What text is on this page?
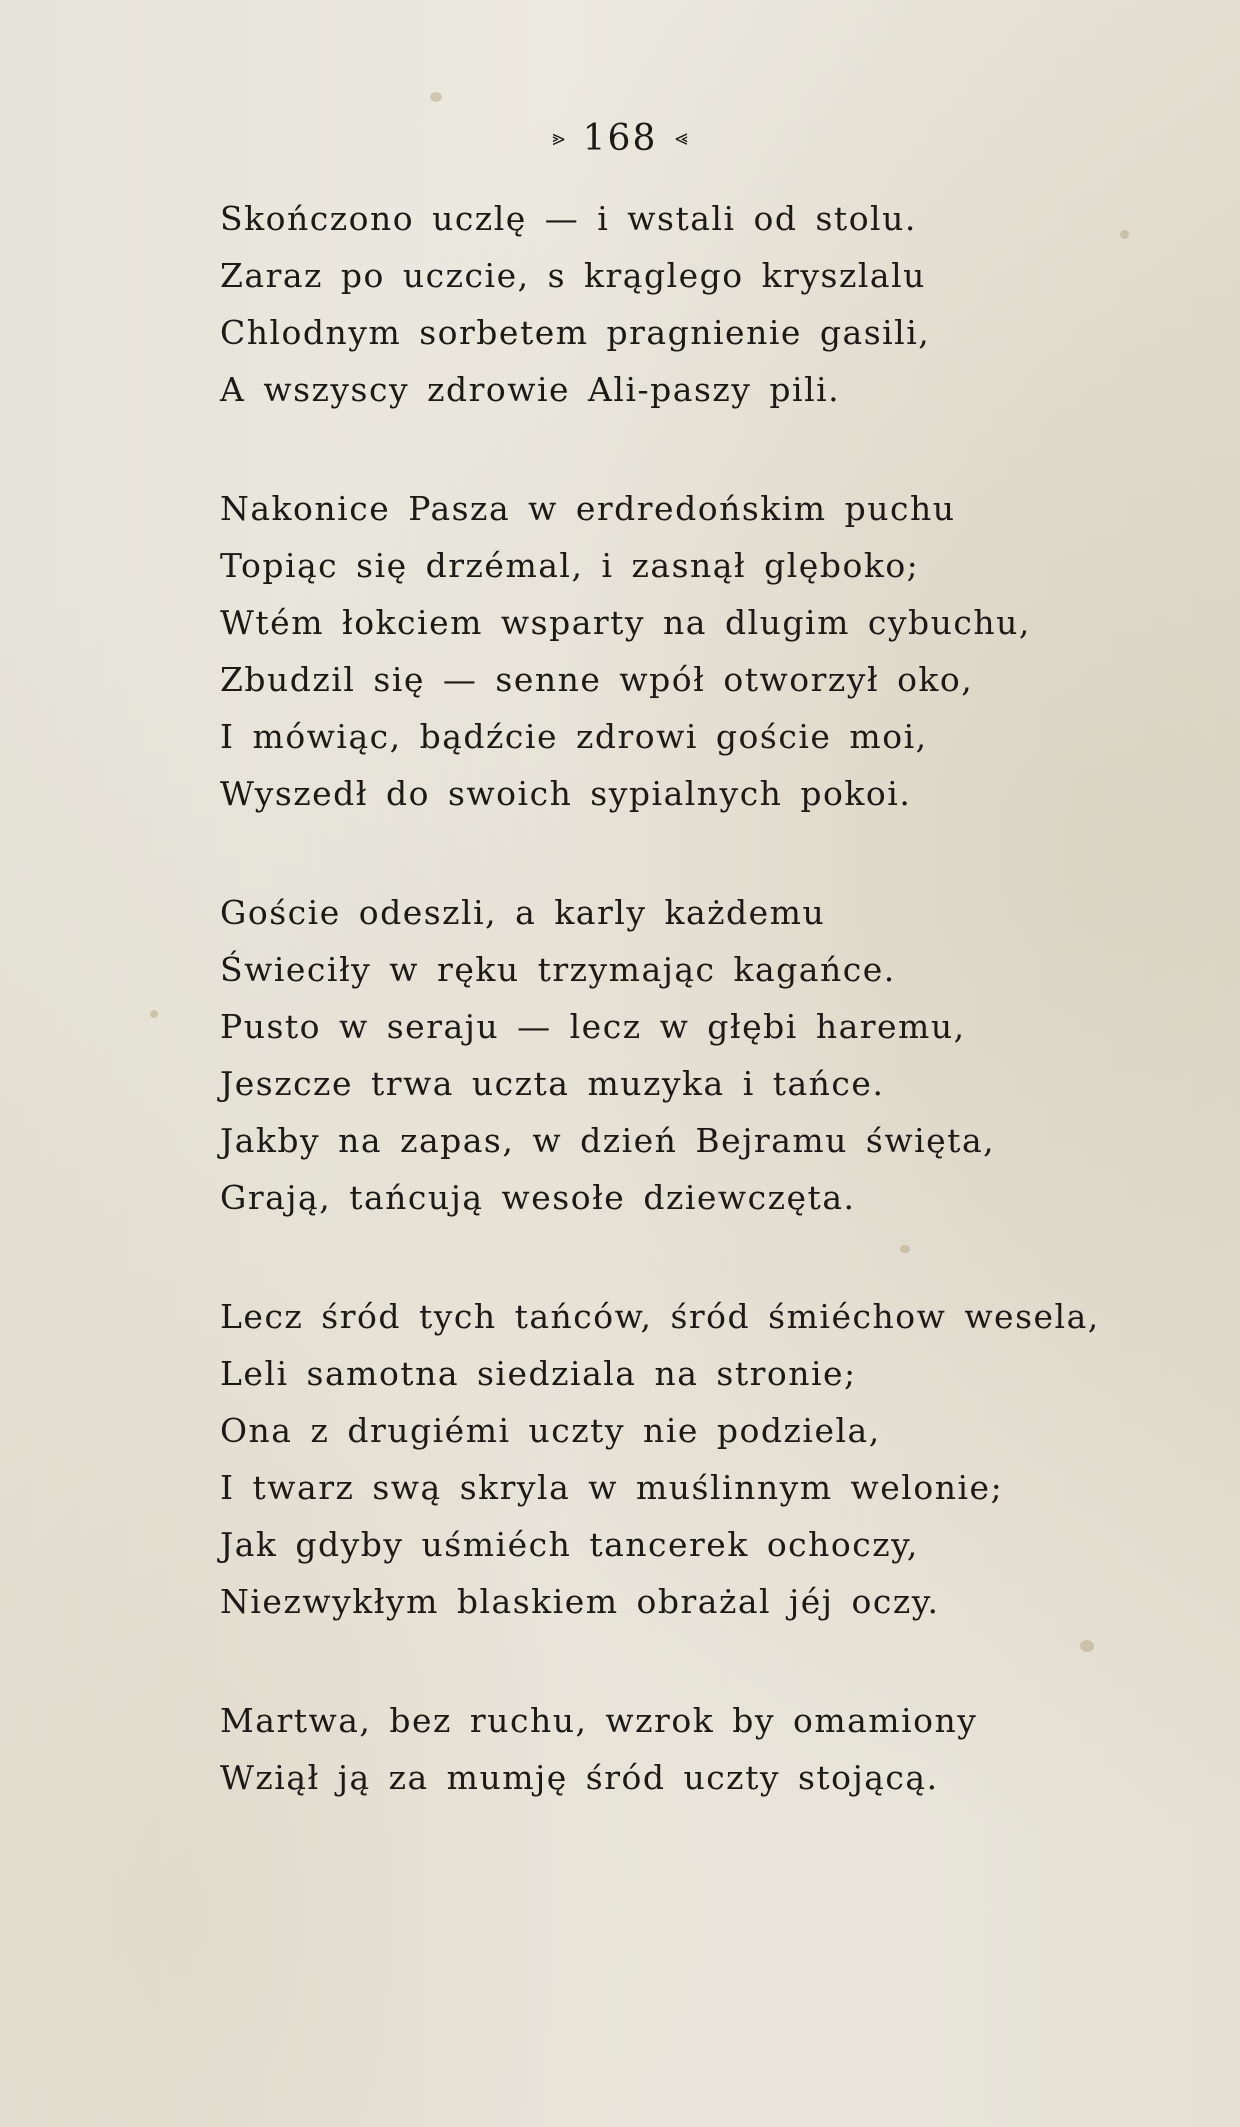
⪢ 168 ⪡
Skończono uczlę — i wstali od stolu.
Zaraz po uczcie, s krąglego kryszlalu
Chlodnym sorbetem pragnienie gasili,
A wszyscy zdrowie Ali-paszy pili.
Nakonice Pasza w erdredońskim puchu
Topiąc się drzémal, i zasnął glęboko;
Wtém łokciem wsparty na dlugim cybuchu,
Zbudzil się — senne wpół otworzył oko,
I mówiąc, bądźcie zdrowi goście moi,
Wyszedł do swoich sypialnych pokoi.
Goście odeszli, a karly każdemu
Świeciły w ręku trzymając kagańce.
Pusto w seraju — lecz w głębi haremu,
Jeszcze trwa uczta muzyka i tańce.
Jakby na zapas, w dzień Bejramu święta,
Grają, tańcują wesołe dziewczęta.
Lecz śród tych tańców, śród śmiéchow wesela,
Leli samotna siedziala na stronie;
Ona z drugiémi uczty nie podziela,
I twarz swą skryla w muślinnym welonie;
Jak gdyby uśmiéch tancerek ochoczy,
Niezwykłym blaskiem obrażal jéj oczy.
Martwa, bez ruchu, wzrok by omamiony
Wziął ją za mumję śród uczty stojącą.
